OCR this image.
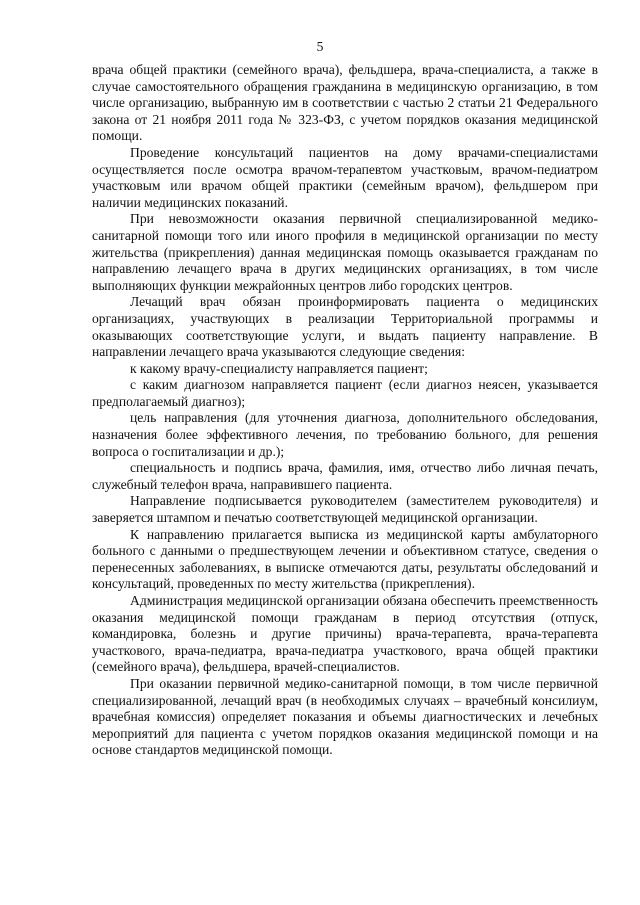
5

врача общей практики (семейного врача), фельдшера, врача-специалиста, а также в случае самостоятельного обращения гражданина в медицинскую организацию, в том числе организацию, выбранную им в соответствии с частью 2 статьи 21 Федерального закона от 21 ноября 2011 года № 323-ФЗ, с учетом порядков оказания медицинской помощи.

Проведение консультаций пациентов на дому врачами-специалистами осуществляется после осмотра врачом-терапевтом участковым, врачом-педиатром участковым или врачом общей практики (семейным врачом), фельдшером при наличии медицинских показаний.

При невозможности оказания первичной специализированной медико-санитарной помощи того или иного профиля в медицинской организации по месту жительства (прикрепления) данная медицинская помощь оказывается гражданам по направлению лечащего врача в других медицинских организациях, в том числе выполняющих функции межрайонных центров либо городских центров.

Лечащий врач обязан проинформировать пациента о медицинских организациях, участвующих в реализации Территориальной программы и оказывающих соответствующие услуги, и выдать пациенту направление. В направлении лечащего врача указываются следующие сведения:

к какому врачу-специалисту направляется пациент;

с каким диагнозом направляется пациент (если диагноз неясен, указывается предполагаемый диагноз);

цель направления (для уточнения диагноза, дополнительного обследования, назначения более эффективного лечения, по требованию больного, для решения вопроса о госпитализации и др.);

специальность и подпись врача, фамилия, имя, отчество либо личная печать, служебный телефон врача, направившего пациента.

Направление подписывается руководителем (заместителем руководителя) и заверяется штампом и печатью соответствующей медицинской организации.

К направлению прилагается выписка из медицинской карты амбулаторного больного с данными о предшествующем лечении и объективном статусе, сведения о перенесенных заболеваниях, в выписке отмечаются даты, результаты обследований и консультаций, проведенных по месту жительства (прикрепления).

Администрация медицинской организации обязана обеспечить преемственность оказания медицинской помощи гражданам в период отсутствия (отпуск, командировка, болезнь и другие причины) врача-терапевта, врача-терапевта участкового, врача-педиатра, врача-педиатра участкового, врача общей практики (семейного врача), фельдшера, врачей-специалистов.

При оказании первичной медико-санитарной помощи, в том числе первичной специализированной, лечащий врач (в необходимых случаях – врачебный консилиум, врачебная комиссия) определяет показания и объемы диагностических и лечебных мероприятий для пациента с учетом порядков оказания медицинской помощи и на основе стандартов медицинской помощи.
